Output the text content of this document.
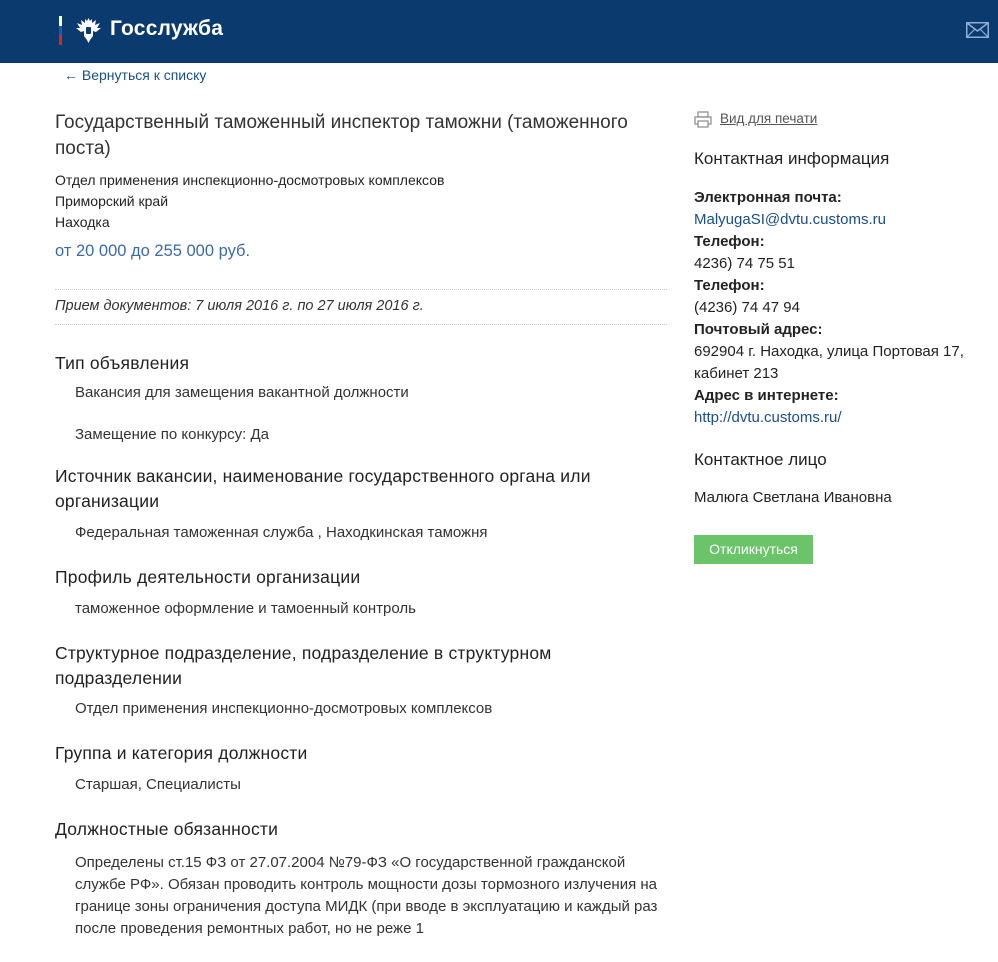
Госслужба
← Вернуться к списку
Государственный таможенный инспектор таможни (таможенного поста)
Отдел применения инспекционно-досмотровых комплексов
Приморский край
Находка
от 20 000 до 255 000 руб.
Прием документов: 7 июля 2016 г. по 27 июля 2016 г.
Тип объявления
Вакансия для замещения вакантной должности
Замещение по конкурсу: Да
Источник вакансии, наименование государственного органа или организации
Федеральная таможенная служба , Находкинская таможня
Профиль деятельности организации
таможенное оформление и тамоенный контроль
Структурное подразделение, подразделение в структурном подразделении
Отдел применения инспекционно-досмотровых комплексов
Группа и категория должности
Старшая, Специалисты
Должностные обязанности
Определены ст.15 ФЗ от 27.07.2004 №79-ФЗ «О государственной гражданской службе РФ». Обязан проводить контроль мощности дозы тормозного излучения на границе зоны ограничения доступа МИДК (при вводе в эксплуатацию и каждый раз после проведения ремонтных работ, но не реже 1
Вид для печати
Контактная информация
Электронная почта:
MalyugaSI@dvtu.customs.ru
Телефон:
4236) 74 75 51
Телефон:
(4236) 74 47 94
Почтовый адрес:
692904 г. Находка, улица Портовая 17, кабинет 213
Адрес в интернете:
http://dvtu.customs.ru/
Контактное лицо
Малюга Светлана Ивановна
Откликнуться
